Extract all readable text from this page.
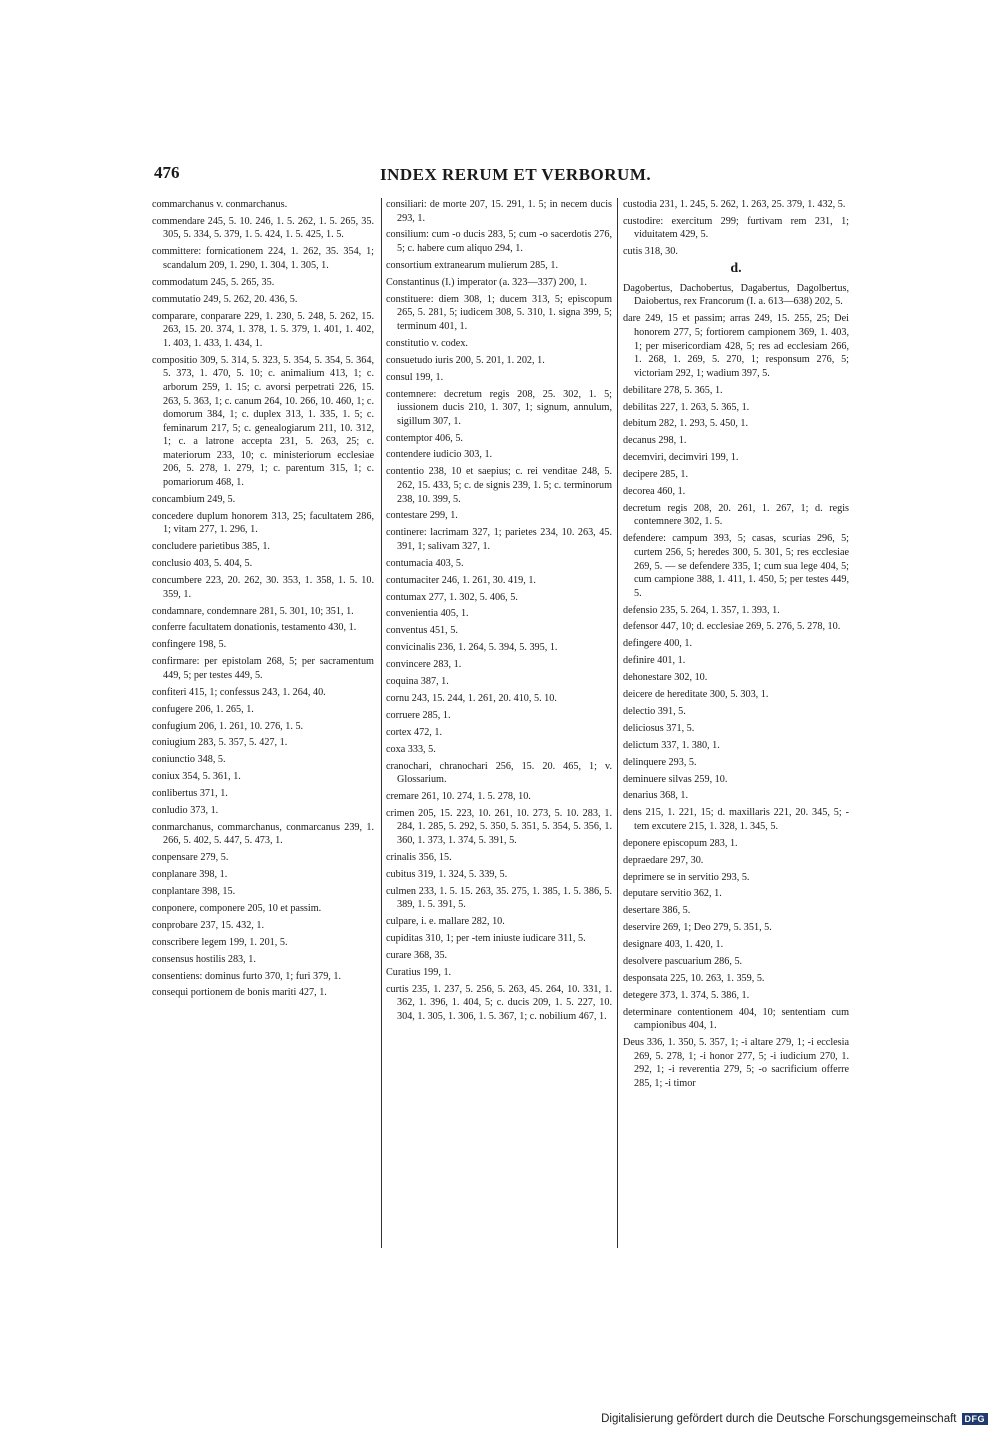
476	INDEX RERUM ET VERBORUM.
commarchanus v. conmarchanus.
commendare 245, 5. 10. 246, 1. 5. 262, 1. 5. 265, 35. 305, 5. 334, 5. 379, 1. 5. 424, 1. 5. 425, 1. 5.
committere: fornicationem 224, 1. 262, 35. 354, 1; scandalum 209, 1. 290, 1. 304, 1. 305, 1.
commodatum 245, 5. 265, 35.
commutatio 249, 5. 262, 20. 436, 5.
comparare, conparare 229, 1. 230, 5. 248, 5. 262, 15. 263, 15. 20. 374, 1. 378, 1. 5. 379, 1. 401, 1. 402, 1. 403, 1. 433, 1. 434, 1.
compositio 309, 5. 314, 5. 323, 5. 354, 5. 354, 5. 364, 5. 373, 1. 470, 5. 10; c. animalium 413, 1; c. arborum 259, 1. 15; c. avorsi perpetrati 226, 15. 263, 5. 363, 1; c. canum 264, 10. 266, 10. 460, 1; c. domorum 384, 1; c. duplex 313, 1. 335, 1. 5; c. feminarum 217, 5; c. genealogiarum 211, 10. 312, 1; c. a latrone accepta 231, 5. 263, 25; c. materiorum 233, 10; c. ministeriorum ecclesiae 206, 5. 278, 1. 279, 1; c. parentum 315, 1; c. pomariorum 468, 1.
concambium 249, 5.
concedere duplum honorem 313, 25; facultatem 286, 1; vitam 277, 1. 296, 1.
concludere parietibus 385, 1.
conclusio 403, 5. 404, 5.
concumbere 223, 20. 262, 30. 353, 1. 358, 1. 5. 10. 359, 1.
condamnare, condemnare 281, 5. 301, 10; 351, 1.
conferre facultatem donationis, testamento 430, 1.
confingere 198, 5.
confirmare: per epistolam 268, 5; per sacramentum 449, 5; per testes 449, 5.
confiteri 415, 1; confessus 243, 1. 264, 40.
confugere 206, 1. 265, 1.
confugium 206, 1. 261, 10. 276, 1. 5.
coniugium 283, 5. 357, 5. 427, 1.
coniunctio 348, 5.
coniux 354, 5. 361, 1.
conlibertus 371, 1.
conludio 373, 1.
conmarchanus, commarchanus, conmarcanus 239, 1. 266, 5. 402, 5. 447, 5. 473, 1.
conpensare 279, 5.
conplanare 398, 1.
conplantare 398, 15.
conponere, componere 205, 10 et passim.
conprobare 237, 15. 432, 1.
conscribere legem 199, 1. 201, 5.
consensus hostilis 283, 1.
consentiens: dominus furto 370, 1; furi 379, 1.
consequi portionem de bonis mariti 427, 1.
consiliari: de morte 207, 15. 291, 1. 5; in necem ducis 293, 1.
consilium: cum -o ducis 283, 5; cum -o sacerdotis 276, 5; c. habere cum aliquo 294, 1.
consortium extranearum mulierum 285, 1.
Constantinus (I.) imperator (a. 323—337) 200, 1.
constituere: diem 308, 1; ducem 313, 5; episcopum 265, 5. 281, 5; iudicem 308, 5. 310, 1. signa 399, 5; terminum 401, 1.
constitutio v. codex.
consuetudo iuris 200, 5. 201, 1. 202, 1.
consul 199, 1.
contemnere: decretum regis 208, 25. 302, 1. 5; iussionem ducis 210, 1. 307, 1; signum, annulum, sigillum 307, 1.
contemptor 406, 5.
contendere iudicio 303, 1.
contentio 238, 10 et saepius; c. rei venditae 248, 5. 262, 15. 433, 5; c. de signis 239, 1. 5; c. terminorum 238, 10. 399, 5.
contestare 299, 1.
continere: lacrimam 327, 1; parietes 234, 10. 263, 45. 391, 1; salivam 327, 1.
contumacia 403, 5.
contumaciter 246, 1. 261, 30. 419, 1.
contumax 277, 1. 302, 5. 406, 5.
convenientia 405, 1.
conventus 451, 5.
convicinalis 236, 1. 264, 5. 394, 5. 395, 1.
convincere 283, 1.
coquina 387, 1.
cornu 243, 15. 244, 1. 261, 20. 410, 5. 10.
corruere 285, 1.
cortex 472, 1.
coxa 333, 5.
cranochari, chranochari 256, 15. 20. 465, 1; v. Glossarium.
cremare 261, 10. 274, 1. 5. 278, 10.
crimen 205, 15. 223, 10. 261, 10. 273, 5. 10. 283, 1. 284, 1. 285, 5. 292, 5. 350, 5. 351, 5. 354, 5. 356, 1. 360, 1. 373, 1. 374, 5. 391, 5.
crinalis 356, 15.
cubitus 319, 1. 324, 5. 339, 5.
culmen 233, 1. 5. 15. 263, 35. 275, 1. 385, 1. 5. 386, 5. 389, 1. 5. 391, 5.
culpare, i. e. mallare 282, 10.
cupiditas 310, 1; per -tem iniuste iudicare 311, 5.
curare 368, 35.
Curatius 199, 1.
curtis 235, 1. 237, 5. 256, 5. 263, 45. 264, 10. 331, 1. 362, 1. 396, 1. 404, 5; c. ducis 209, 1. 5. 227, 10. 304, 1. 305, 1. 306, 1. 5. 367, 1; c. nobilium 467, 1.
custodia 231, 1. 245, 5. 262, 1. 263, 25. 379, 1. 432, 5.
custodire: exercitum 299; furtivam rem 231, 1; viduitatem 429, 5.
cutis 318, 30.
d.
Dagobertus, Dachobertus, Dagabertus, Dagolbertus, Daiobertus, rex Francorum (I. a. 613—638) 202, 5.
dare 249, 15 et passim; arras 249, 15. 255, 25; Dei honorem 277, 5; fortiorem campionem 369, 1. 403, 1; per misericordiam 428, 5; res ad ecclesiam 266, 1. 268, 1. 269, 5. 270, 1; responsum 276, 5; victoriam 292, 1; wadium 397, 5.
debilitare 278, 5. 365, 1.
debilitas 227, 1. 263, 5. 365, 1.
debitum 282, 1. 293, 5. 450, 1.
decanus 298, 1.
decemviri, decimviri 199, 1.
decipere 285, 1.
decorea 460, 1.
decretum regis 208, 20. 261, 1. 267, 1; d. regis contemnere 302, 1. 5.
defendere: campum 393, 5; casas, scurias 296, 5; curtem 256, 5; heredes 300, 5. 301, 5; res ecclesiae 269, 5. — se defendere 335, 1; cum sua lege 404, 5; cum campione 388, 1. 411, 1. 450, 5; per testes 449, 5.
defensio 235, 5. 264, 1. 357, 1. 393, 1.
defensor 447, 10; d. ecclesiae 269, 5. 276, 5. 278, 10.
defingere 400, 1.
definire 401, 1.
dehonestare 302, 10.
deicere de hereditate 300, 5. 303, 1.
delectio 391, 5.
deliciosus 371, 5.
delictum 337, 1. 380, 1.
delinquere 293, 5.
deminuere silvas 259, 10.
denarius 368, 1.
dens 215, 1. 221, 15; d. maxillaris 221, 20. 345, 5; -tem excutere 215, 1. 328, 1. 345, 5.
deponere episcopum 283, 1.
depraedare 297, 30.
deprimere se in servitio 293, 5.
deputare servitio 362, 1.
desertare 386, 5.
deservire 269, 1; Deo 279, 5. 351, 5.
designare 403, 1. 420, 1.
desolvere pascuarium 286, 5.
desponsata 225, 10. 263, 1. 359, 5.
detegere 373, 1. 374, 5. 386, 1.
determinare contentionem 404, 10; sententiam cum campionibus 404, 1.
Deus 336, 1. 350, 5. 357, 1; -i altare 279, 1; -i ecclesia 269, 5. 278, 1; -i honor 277, 5; -i iudicium 270, 1. 292, 1; -i reverentia 279, 5; -o sacrificium offerre 285, 1; -i timor
Digitalisierung gefördert durch die Deutsche Forschungsgemeinschaft DFG
